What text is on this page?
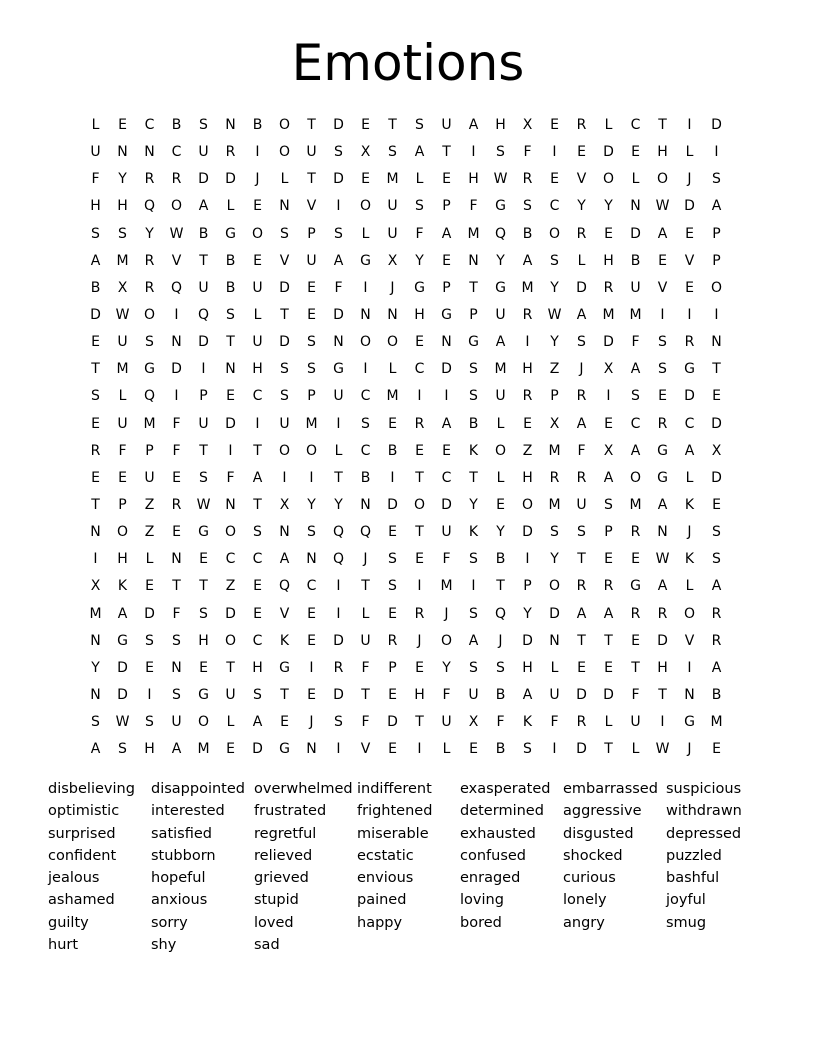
Emotions
L	E	C	B	S	N	B	O	T	D	E	T	S	U	A	H	X	E	R	L	C	T	I	D
U	N	N	C	U	R	I	O	U	S	X	S	A	T	I	S	F	I	E	D	E	H	L	I
F	Y	R	R	D	D	J	L	T	D	E	M	L	E	H	W	R	E	V	O	L	O	J	S
H	H	Q	O	A	L	E	N	V	I	O	U	S	P	F	G	S	C	Y	Y	N	W	D	A
S	S	Y	W	B	G	O	S	P	S	L	U	F	A	M	Q	B	O	R	E	D	A	E	P
A	M	R	V	T	B	E	V	U	A	G	X	Y	E	N	Y	A	S	L	H	B	E	V	P
B	X	R	Q	U	B	U	D	E	F	I	J	G	P	T	G	M	Y	D	R	U	V	E	O
D	W	O	I	Q	S	L	T	E	D	N	N	H	G	P	U	R	W	A	M	M	I	I	I
E	U	S	N	D	T	U	D	S	N	O	O	E	N	G	A	I	Y	S	D	F	S	R	N
T	M	G	D	I	N	H	S	S	G	I	L	C	D	S	M	H	Z	J	X	A	S	G	T
S	L	Q	I	P	E	C	S	P	U	C	M	I	I	S	U	R	P	R	I	S	E	D	E
E	U	M	F	U	D	I	U	M	I	S	E	R	A	B	L	E	X	A	E	C	R	C	D
R	F	P	F	T	I	T	O	O	L	C	B	E	E	K	O	Z	M	F	X	A	G	A	X
E	E	U	E	S	F	A	I	I	T	B	I	T	C	T	L	H	R	R	A	O	G	L	D
T	P	Z	R	W	N	T	X	Y	Y	N	D	O	D	Y	E	O	M	U	S	M	A	K	E
N	O	Z	E	G	O	S	N	S	Q	Q	E	T	U	K	Y	D	S	S	P	R	N	J	S
I	H	L	N	E	C	C	A	N	Q	J	S	E	F	S	B	I	Y	T	E	E	W	K	S
X	K	E	T	T	Z	E	Q	C	I	T	S	I	M	I	T	P	O	R	R	G	A	L	A
M	A	D	F	S	D	E	V	E	I	L	E	R	J	S	Q	Y	D	A	A	R	R	O	R
N	G	S	S	H	O	C	K	E	D	U	R	J	O	A	J	D	N	T	T	E	D	V	R
Y	D	E	N	E	T	H	G	I	R	F	P	E	Y	S	S	H	L	E	E	T	H	I	A
N	D	I	S	G	U	S	T	E	D	T	E	H	F	U	B	A	U	D	D	F	T	N	B
S	W	S	U	O	L	A	E	J	S	F	D	T	U	X	F	K	F	R	L	U	I	G	M
A	S	H	A	M	E	D	G	N	I	V	E	I	L	E	B	S	I	D	T	L	W	J	E
disbelieving	disappointed overwhelmed indifferent	exasperated embarrassed suspicious
optimistic	interested	frustrated	frightened	determined	aggressive	withdrawn
surprised	satisfied	regretful	miserable	exhausted	disgusted	depressed
confident	stubborn	relieved	ecstatic	confused	shocked	puzzled
jealous	hopeful	grieved	envious	enraged	curious	bashful
ashamed	anxious	stupid	pained	loving	lonely	joyful
guilty	sorry	loved	happy	bored	angry	smug
hurt	shy	sad
